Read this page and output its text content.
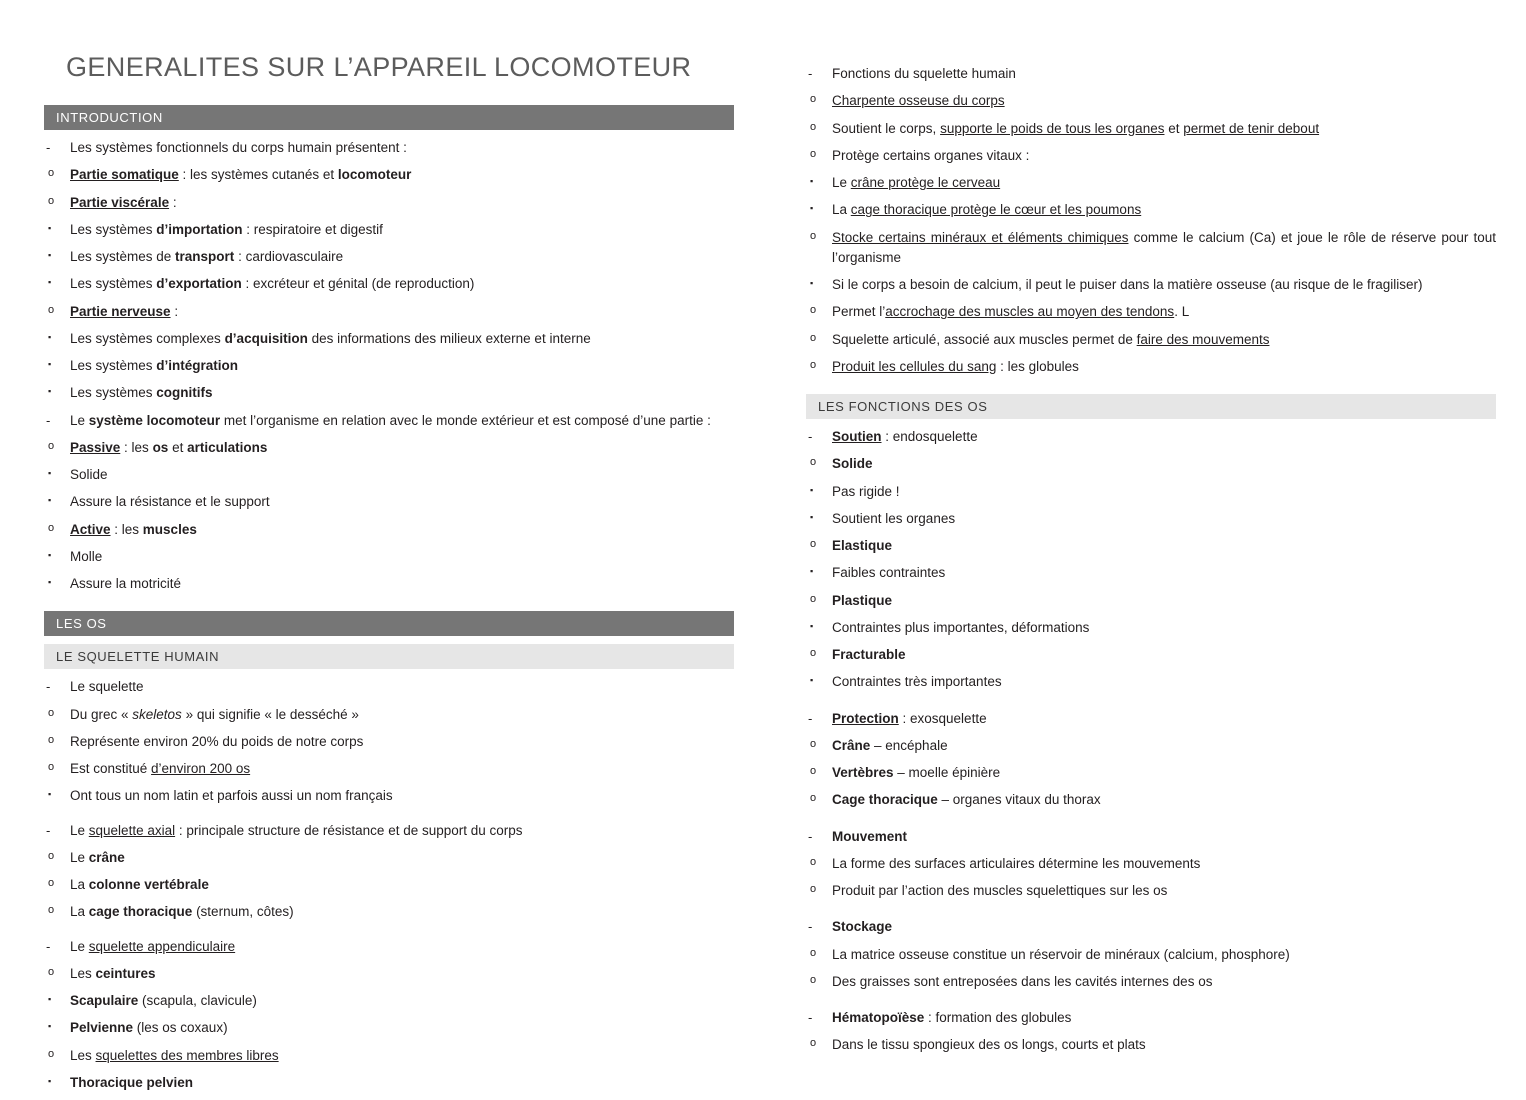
GENERALITES SUR L’APPAREIL LOCOMOTEUR
INTRODUCTION
- Les systèmes fonctionnels du corps humain présentent :
o Partie somatique : les systèmes cutanés et locomoteur
o Partie viscérale :
▪ Les systèmes d’importation : respiratoire et digestif
▪ Les systèmes de transport : cardiovasculaire
▪ Les systèmes d’exportation : excréteur et génital (de reproduction)
o Partie nerveuse :
▪ Les systèmes complexes d’acquisition des informations des milieux externe et interne
▪ Les systèmes d’intégration
▪ Les systèmes cognitifs
- Le système locomoteur met l’organisme en relation avec le monde extérieur et est composé d’une partie :
o Passive : les os et articulations
▪ Solide
▪ Assure la résistance et le support
o Active : les muscles
▪ Molle
▪ Assure la motricité
LES OS
LE SQUELETTE HUMAIN
- Le squelette
o Du grec « skeletos » qui signifie « le desséché »
o Représente environ 20% du poids de notre corps
o Est constitué d’environ 200 os
▪ Ont tous un nom latin et parfois aussi un nom français
- Le squelette axial : principale structure de résistance et de support du corps
o Le crâne
o La colonne vertébrale
o La cage thoracique (sternum, côtes)
- Le squelette appendiculaire
o Les ceintures
▪ Scapulaire (scapula, clavicule)
▪ Pelvienne (les os coxaux)
o Les squelettes des membres libres
▪ Thoracique pelvien
- Fonctions du squelette humain
o Charpente osseuse du corps
o Soutient le corps, supporte le poids de tous les organes et permet de tenir debout
o Protège certains organes vitaux :
▪ Le crâne protège le cerveau
▪ La cage thoracique protège le cœur et les poumons
o Stocke certains minéraux et éléments chimiques comme le calcium (Ca) et joue le rôle de réserve pour tout l’organisme
▪ Si le corps a besoin de calcium, il peut le puiser dans la matière osseuse (au risque de le fragiliser)
o Permet l’accrochage des muscles au moyen des tendons. L
o Squelette articulé, associé aux muscles permet de faire des mouvements
o Produit les cellules du sang : les globules
LES FONCTIONS DES OS
- Soutien : endosquelette
o Solide
▪ Pas rigide !
▪ Soutient les organes
o Elastique
▪ Faibles contraintes
o Plastique
▪ Contraintes plus importantes, déformations
o Fracturable
▪ Contraintes très importantes
- Protection : exosquelette
o Crâne – encéphale
o Vertèbres – moelle épinière
o Cage thoracique – organes vitaux du thorax
- Mouvement
o La forme des surfaces articulaires détermine les mouvements
o Produit par l’action des muscles squelettiques sur les os
- Stockage
o La matrice osseuse constitue un réservoir de minéraux (calcium, phosphore)
o Des graisses sont entreposées dans les cavités internes des os
- Hématopoïèse : formation des globules
o Dans le tissu spongieux des os longs, courts et plats
